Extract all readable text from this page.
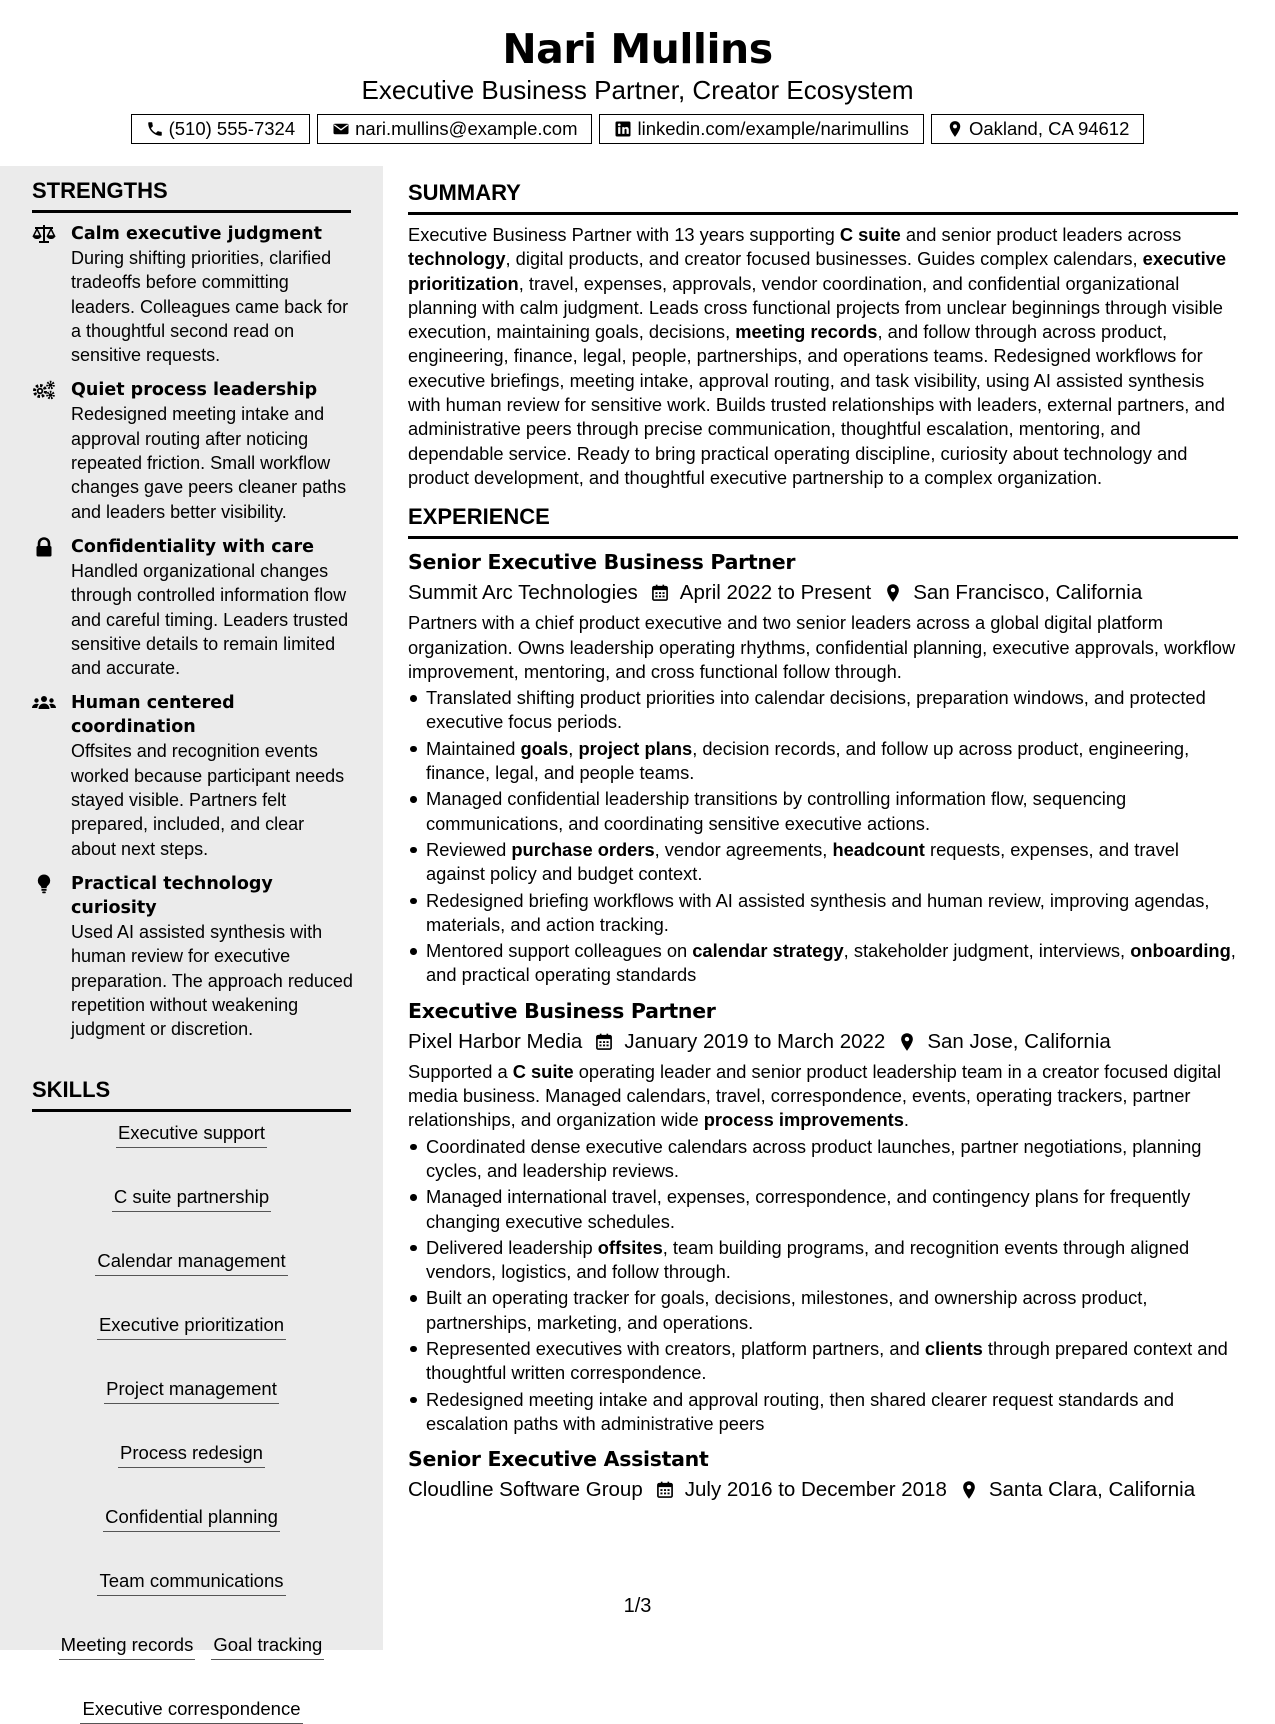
Nari Mullins
Executive Business Partner, Creator Ecosystem
(510) 555-7324	nari.mullins@example.com	linkedin.com/example/narimullins	Oakland, CA 94612
STRENGTHS
Calm executive judgment
During shifting priorities, clarified tradeoffs before committing leaders. Colleagues came back for a thoughtful second read on sensitive requests.
Quiet process leadership
Redesigned meeting intake and approval routing after noticing repeated friction. Small workflow changes gave peers cleaner paths and leaders better visibility.
Confidentiality with care
Handled organizational changes through controlled information flow and careful timing. Leaders trusted sensitive details to remain limited and accurate.
Human centered coordination
Offsites and recognition events worked because participant needs stayed visible. Partners felt prepared, included, and clear about next steps.
Practical technology curiosity
Used AI assisted synthesis with human review for executive preparation. The approach reduced repetition without weakening judgment or discretion.
SKILLS
Executive support
C suite partnership
Calendar management
Executive prioritization
Project management
Process redesign
Confidential planning
Team communications
Meeting records Goal tracking
Executive correspondence
SUMMARY
Executive Business Partner with 13 years supporting C suite and senior product leaders across technology, digital products, and creator focused businesses. Guides complex calendars, executive prioritization, travel, expenses, approvals, vendor coordination, and confidential organizational planning with calm judgment. Leads cross functional projects from unclear beginnings through visible execution, maintaining goals, decisions, meeting records, and follow through across product, engineering, finance, legal, people, partnerships, and operations teams. Redesigned workflows for executive briefings, meeting intake, approval routing, and task visibility, using AI assisted synthesis with human review for sensitive work. Builds trusted relationships with leaders, external partners, and administrative peers through precise communication, thoughtful escalation, mentoring, and dependable service. Ready to bring practical operating discipline, curiosity about technology and product development, and thoughtful executive partnership to a complex organization.
EXPERIENCE
Senior Executive Business Partner
Summit Arc Technologies April 2022 to Present San Francisco, California
Partners with a chief product executive and two senior leaders across a global digital platform organization. Owns leadership operating rhythms, confidential planning, executive approvals, workflow improvement, mentoring, and cross functional follow through.
Translated shifting product priorities into calendar decisions, preparation windows, and protected executive focus periods.
Maintained goals, project plans, decision records, and follow up across product, engineering, finance, legal, and people teams.
Managed confidential leadership transitions by controlling information flow, sequencing communications, and coordinating sensitive executive actions.
Reviewed purchase orders, vendor agreements, headcount requests, expenses, and travel against policy and budget context.
Redesigned briefing workflows with AI assisted synthesis and human review, improving agendas, materials, and action tracking.
Mentored support colleagues on calendar strategy, stakeholder judgment, interviews, onboarding, and practical operating standards
Executive Business Partner
Pixel Harbor Media January 2019 to March 2022 San Jose, California
Supported a C suite operating leader and senior product leadership team in a creator focused digital media business. Managed calendars, travel, correspondence, events, operating trackers, partner relationships, and organization wide process improvements.
Coordinated dense executive calendars across product launches, partner negotiations, planning cycles, and leadership reviews.
Managed international travel, expenses, correspondence, and contingency plans for frequently changing executive schedules.
Delivered leadership offsites, team building programs, and recognition events through aligned vendors, logistics, and follow through.
Built an operating tracker for goals, decisions, milestones, and ownership across product, partnerships, marketing, and operations.
Represented executives with creators, platform partners, and clients through prepared context and thoughtful written correspondence.
Redesigned meeting intake and approval routing, then shared clearer request standards and escalation paths with administrative peers
Senior Executive Assistant
Cloudline Software Group July 2016 to December 2018 Santa Clara, California
1/3
